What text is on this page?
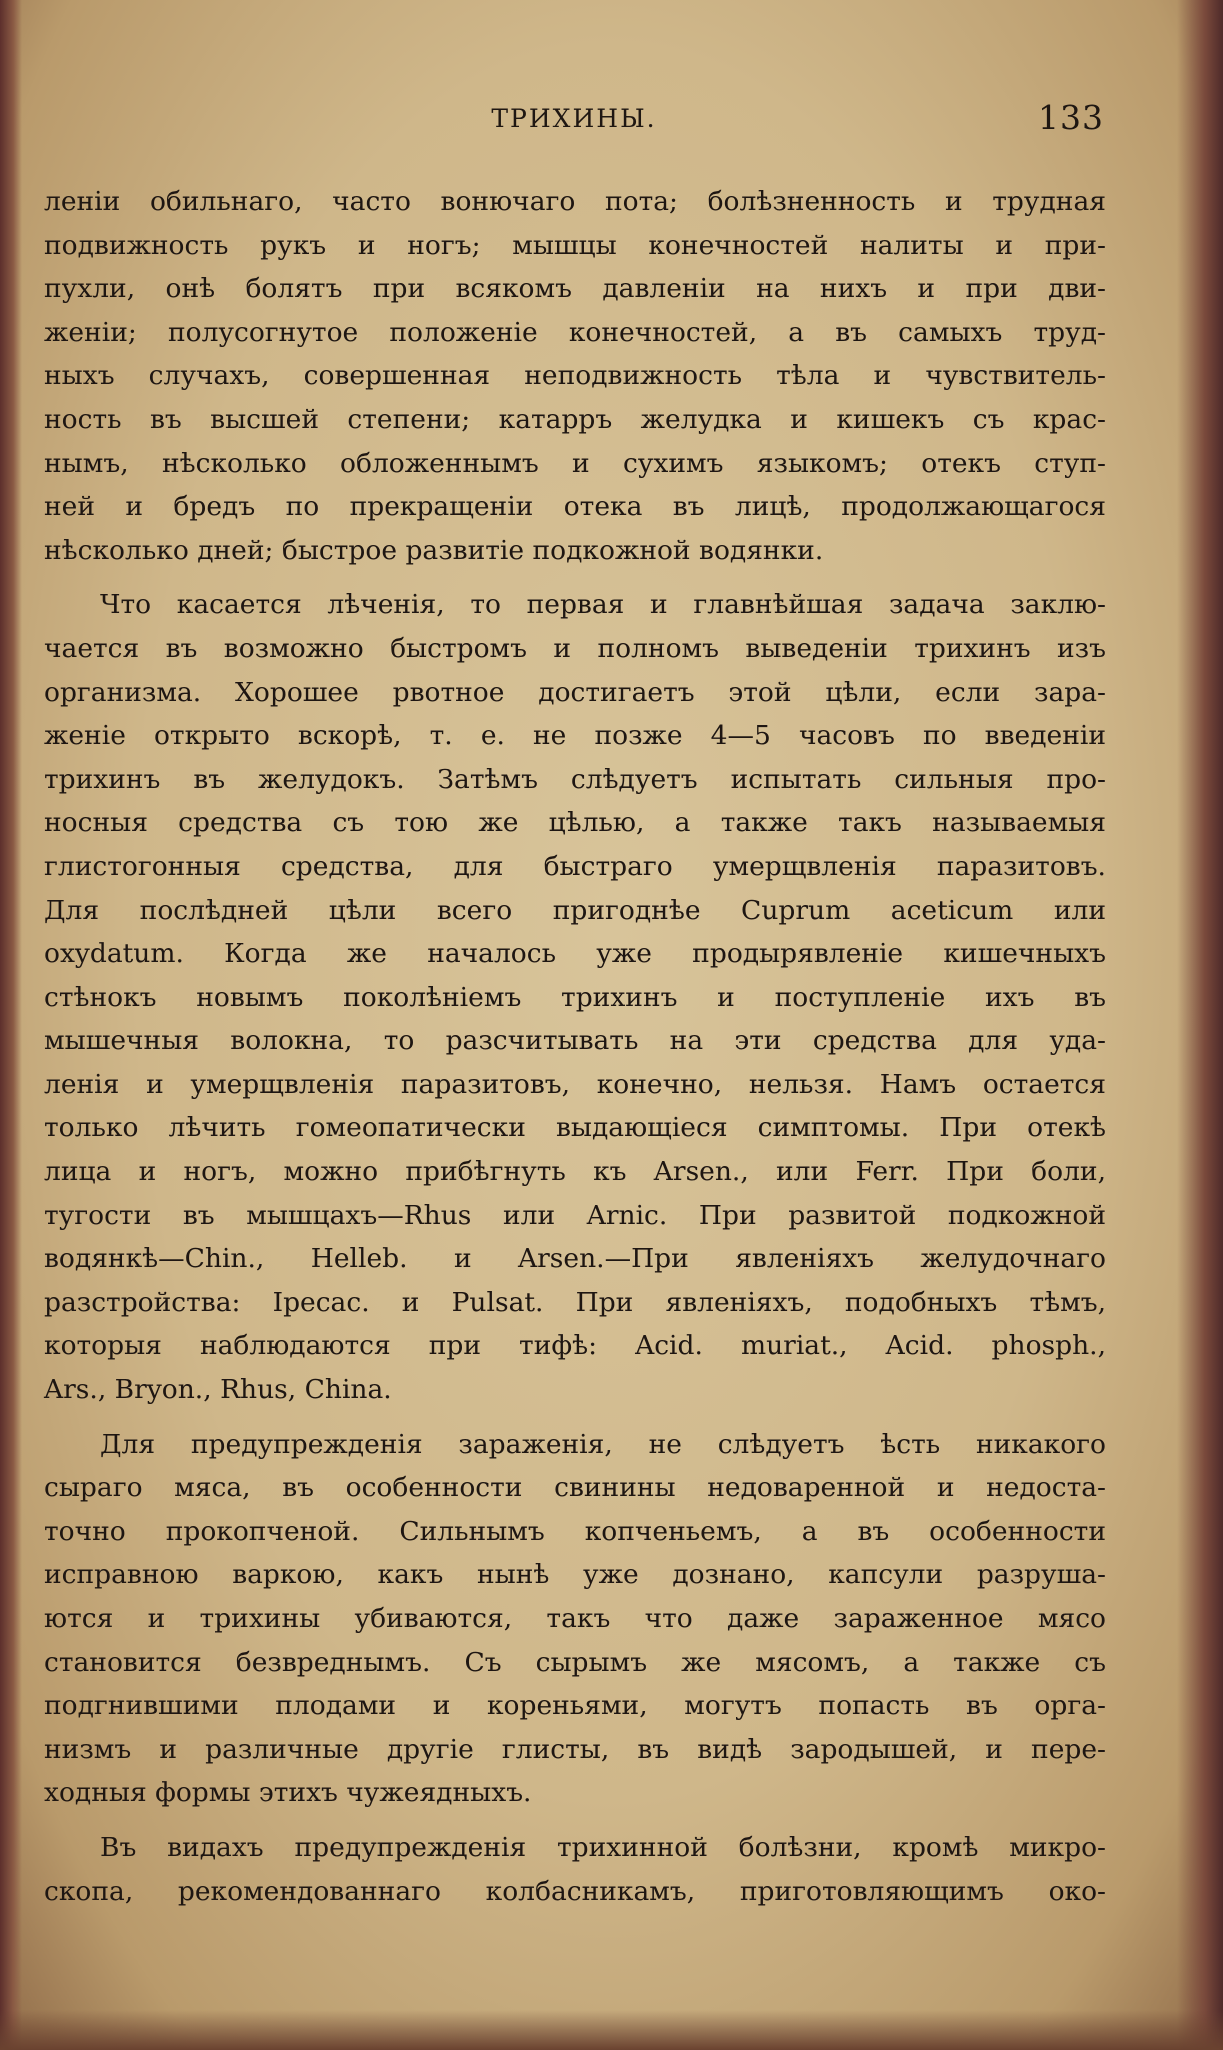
ТРИХИНЫ.	133
леніи обильнаго, часто вонючаго пота; болѣзненность и трудная
подвижность рукъ и ногъ; мышцы конечностей налиты и при-
пухли, онѣ болятъ при всякомъ давленіи на нихъ и при дви-
женіи; полусогнутое положеніе конечностей, а въ самыхъ труд-
ныхъ случахъ, совершенная неподвижность тѣла и чувствитель-
ность въ высшей степени; катарръ желудка и кишекъ съ крас-
нымъ, нѣсколько обложеннымъ и сухимъ языкомъ; отекъ ступ-
ней и бредъ по прекращеніи отека въ лицѣ, продолжающагося
нѣсколько дней; быстрое развитіе подкожной водянки.
Что касается лѣченія, то первая и главнѣйшая задача заклю-
чается въ возможно быстромъ и полномъ выведеніи трихинъ изъ
организма. Хорошее рвотное достигаетъ этой цѣли, если зара-
женіе открыто вскорѣ, т. е. не позже 4—5 часовъ по введеніи
трихинъ въ желудокъ. Затѣмъ слѣдуетъ испытать сильныя про-
носныя средства съ тою же цѣлью, а также такъ называемыя
глистогонныя средства, для быстраго умерщвленія паразитовъ.
Для послѣдней цѣли всего пригоднѣе Cuprum aceticum или
oxydatum. Когда же началось уже продырявленіе кишечныхъ
стѣнокъ новымъ поколѣніемъ трихинъ и поступленіе ихъ въ
мышечныя волокна, то разсчитывать на эти средства для уда-
ленія и умерщвленія паразитовъ, конечно, нельзя. Намъ остается
только лѣчить гомеопатически выдающіеся симптомы. При отекѣ
лица и ногъ, можно прибѣгнуть къ Arsen., или Ferr. При боли,
тугости въ мышцахъ—Rhus или Arnic. При развитой подкожной
водянкѣ—Chin., Helleb. и Arsen.—При явленіяхъ желудочнаго
разстройства: Ipecac. и Pulsat. При явленіяхъ, подобныхъ тѣмъ,
которыя наблюдаются при тифѣ: Acid. muriat., Acid. phosph.,
Ars., Bryon., Rhus, China.
Для предупрежденія зараженія, не слѣдуетъ ѣсть никакого
сыраго мяса, въ особенности свинины недоваренной и недоста-
точно прокопченой. Сильнымъ копченьемъ, а въ особенности
исправною варкою, какъ нынѣ уже дознано, капсули разруша-
ются и трихины убиваются, такъ что даже зараженное мясо
становится безвреднымъ. Съ сырымъ же мясомъ, а также съ
подгнившими плодами и кореньями, могутъ попасть въ орга-
низмъ и различные другіе глисты, въ видѣ зародышей, и пере-
ходныя формы этихъ чужеядныхъ.
Въ видахъ предупрежденія трихинной болѣзни, кромѣ микро-
скопа, рекомендованнаго колбасникамъ, приготовляющимъ око-
